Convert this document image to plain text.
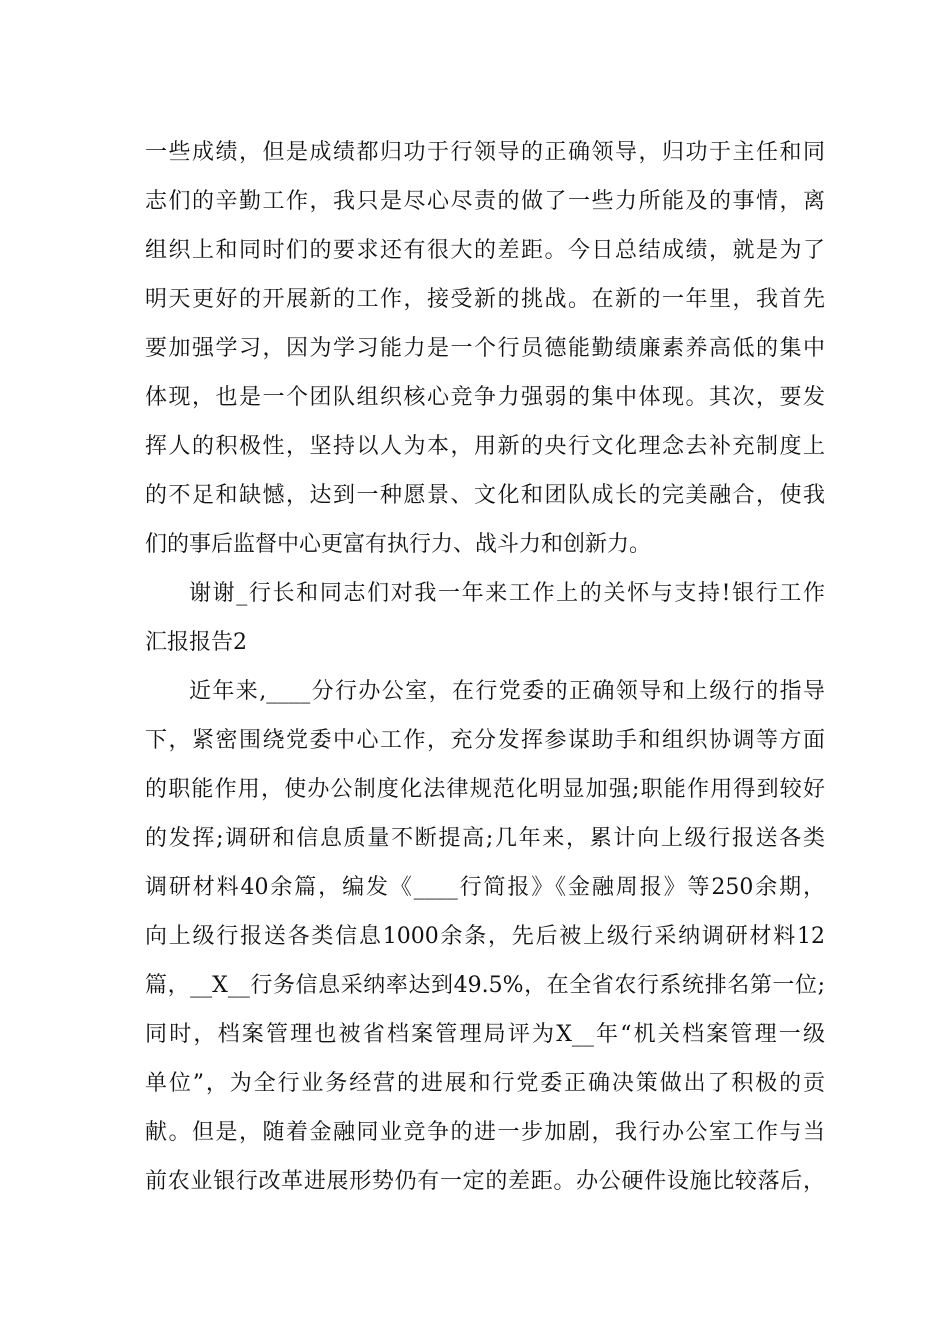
一些成绩，但是成绩都归功于行领导的正确领导，归功于主任和同
志们的辛勤工作，我只是尽心尽责的做了一些力所能及的事情，离
组织上和同时们的要求还有很大的差距。今日总结成绩，就是为了
明天更好的开展新的工作，接受新的挑战。在新的一年里，我首先
要加强学习，因为学习能力是一个行员德能勤绩廉素养高低的集中
体现，也是一个团队组织核心竞争力强弱的集中体现。其次，要发
挥人的积极性，坚持以人为本，用新的央行文化理念去补充制度上
的不足和缺憾，达到一种愿景、文化和团队成长的完美融合，使我
们的事后监督中心更富有执行力、战斗力和创新力。
谢谢_行长和同志们对我一年来工作上的关怀与支持!银行工作
汇报报告2
近年来,____分行办公室，在行党委的正确领导和上级行的指导
下，紧密围绕党委中心工作，充分发挥参谋助手和组织协调等方面
的职能作用，使办公制度化法律规范化明显加强;职能作用得到较好
的发挥;调研和信息质量不断提高;几年来，累计向上级行报送各类
调研材料40余篇，编发《____行简报》《金融周报》等250余期，
向上级行报送各类信息1000余条，先后被上级行采纳调研材料12
篇，__X__行务信息采纳率达到49.5%，在全省农行系统排名第一位;
同时，档案管理也被省档案管理局评为X__年“机关档案管理一级
单位”，为全行业务经营的进展和行党委正确决策做出了积极的贡
献。但是，随着金融同业竞争的进一步加剧，我行办公室工作与当
前农业银行改革进展形势仍有一定的差距。办公硬件设施比较落后，
